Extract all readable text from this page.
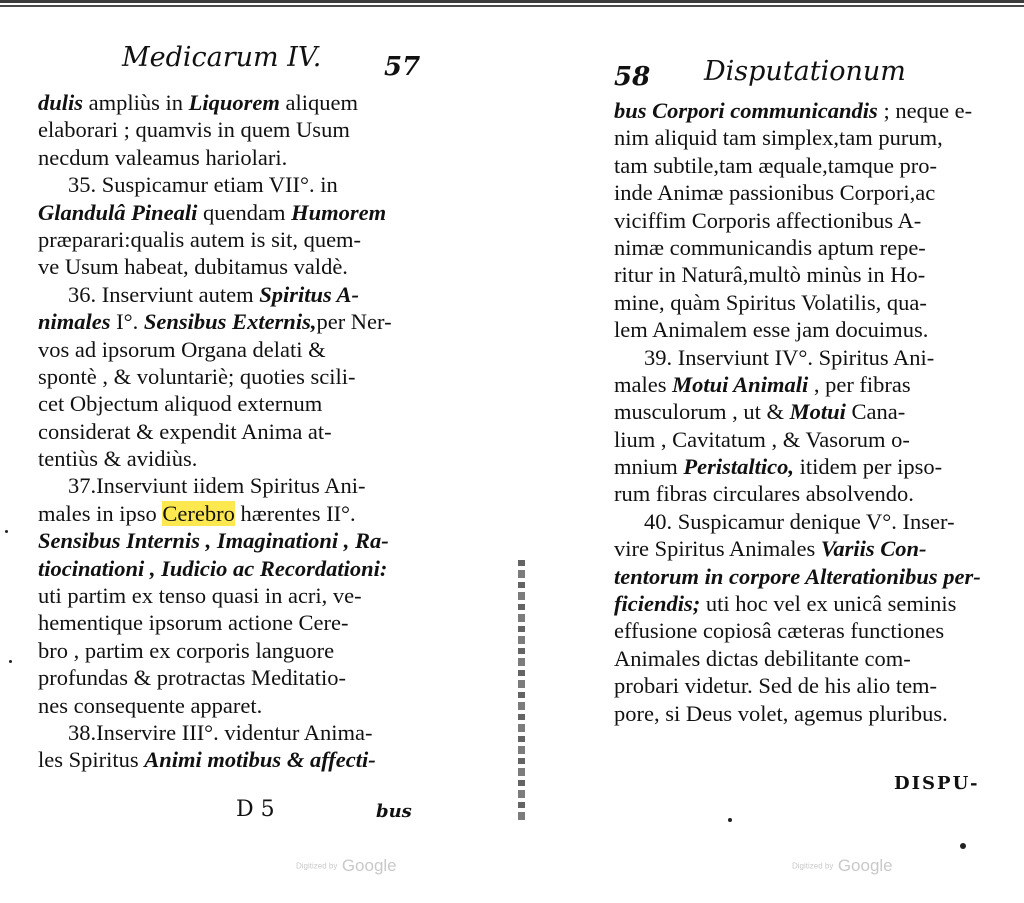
Medicarum IV. 57
dulis ampliùs in Liquorem aliquem
elaborari ; quamvis in quem Usum
necdum valeamus hariolari.
35. Suspicamur etiam VII°. in
Glandulâ Pineali quendam Humorem
præparari:qualis autem is sit, quem-
ve Usum habeat, dubitamus valdè.
36. Inserviunt autem Spiritus A-
nimales I°. Sensibus Externis,per Ner-
vos ad ipsorum Organa delati &
spontè , & voluntariè; quoties scili-
cet Objectum aliquod externum
considerat & expendit Anima at-
tentiùs & avidiùs.
37.Inserviunt iidem Spiritus Ani-
males in ipso Cerebro hærentes II°.
Sensibus Internis , Imaginationi , Ra-
tiocinationi , Iudicio ac Recordationi:
uti partim ex tenso quasi in acri, ve-
hementique ipsorum actione Cere-
bro , partim ex corporis languore
profundas & protractas Meditatio-
nes consequente apparet.
38.Inservire III°. videntur Anima-
les Spiritus Animi motibus & affecti-
D 5	bus
Digitized by Google
58 Disputationum
bus Corpori communicandis ; neque e-
nim aliquid tam simplex,tam purum,
tam subtile,tam æquale,tamque pro-
inde Animæ passionibus Corpori,ac
viciffim Corporis affectionibus A-
nimæ communicandis aptum repe-
ritur in Naturâ,multò minùs in Ho-
mine, quàm Spiritus Volatilis, qua-
lem Animalem esse jam docuimus.
39. Inserviunt IV°. Spiritus Ani-
males Motui Animali , per fibras
musculorum , ut & Motui Cana-
lium , Cavitatum , & Vasorum o-
mnium Peristaltico, itidem per ipso-
rum fibras circulares absolvendo.
40. Suspicamur denique V°. Inser-
vire Spiritus Animales Variis Con-
tentorum in corpore Alterationibus per-
ficiendis; uti hoc vel ex unicâ seminis
effusione copiosâ cæteras functiones
Animales dictas debilitante com-
probari videtur. Sed de his alio tem-
pore, si Deus volet, agemus pluribus.
DISPU-
Digitized by Google
